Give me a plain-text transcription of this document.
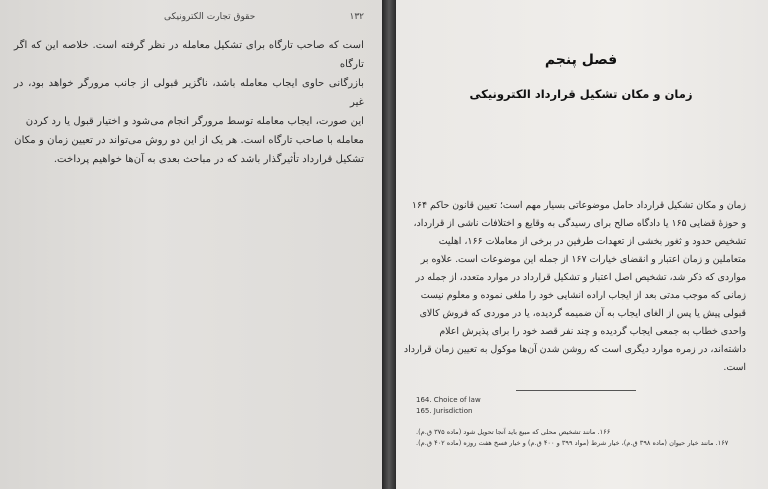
۱۳۲
حقوق تجارت الکترونیکی
است که صاحب تارگاه برای تشکیل معامله در نظر گرفته است. خلاصه این که اگر تارگاه
بازرگانی حاوی ایجاب معامله باشد، ناگزیر قبولی از جانب مرورگر خواهد بود، در غیر
این صورت، ایجاب معامله توسط مرورگر انجام می‌شود و اختیار قبول یا رد کردن
معامله با صاحب تارگاه است. هر یک از این دو روش می‌تواند در تعیین زمان و مکان
تشکیل قرارداد تأثیرگذار باشد که در مباحث بعدی به آن‌ها خواهیم پرداخت.
فصل پنجم
زمان و مکان تشکیل قرارداد الکترونیکی
زمان و مکان تشکیل قرارداد حامل موضوعاتی بسیار مهم است؛ تعیین قانون حاکم ۱۶۴
و حوزهٔ قضایی ۱۶۵ یا دادگاه صالح برای رسیدگی به وقایع و اختلافات ناشی از قرارداد،
تشخیص حدود و ثغور بخشی از تعهدات طرفین در برخی از معاملات ۱۶۶، اهلیت
متعاملین و زمان اعتبار و انقضای خیارات ۱۶۷ از جمله این موضوعات است. علاوه بر
مواردی که ذکر شد، تشخیص اصل اعتبار و تشکیل قرارداد در موارد متعدد، از جمله در
زمانی که موجب مدتی بعد از ایجاب اراده انشایی خود را ملغی نموده و معلوم نیست
قبولی پیش یا پس از الغای ایجاب به آن ضمیمه گردیده، یا در موردی که فروش کالای
واحدی خطاب به جمعی ایجاب گردیده و چند نفر قصد خود را برای پذیرش اعلام
داشته‌اند، در زمره موارد دیگری است که روشن شدن آن‌ها موکول به تعیین زمان قرارداد
است.
164. Choice of law
165. Jurisdiction
۱۶۶. مانند تشخیص محلی که مبیع باید آنجا تحویل شود (ماده ۳۷۵ ق.م).
۱۶۷. مانند خیار حیوان (ماده ۳۹۸ ق.م)، خیار شرط (مواد ۳۹۹ و ۴۰۰ ق.م) و خیار فسخ هفت روزه (ماده ۴۰۲ ق.م).
